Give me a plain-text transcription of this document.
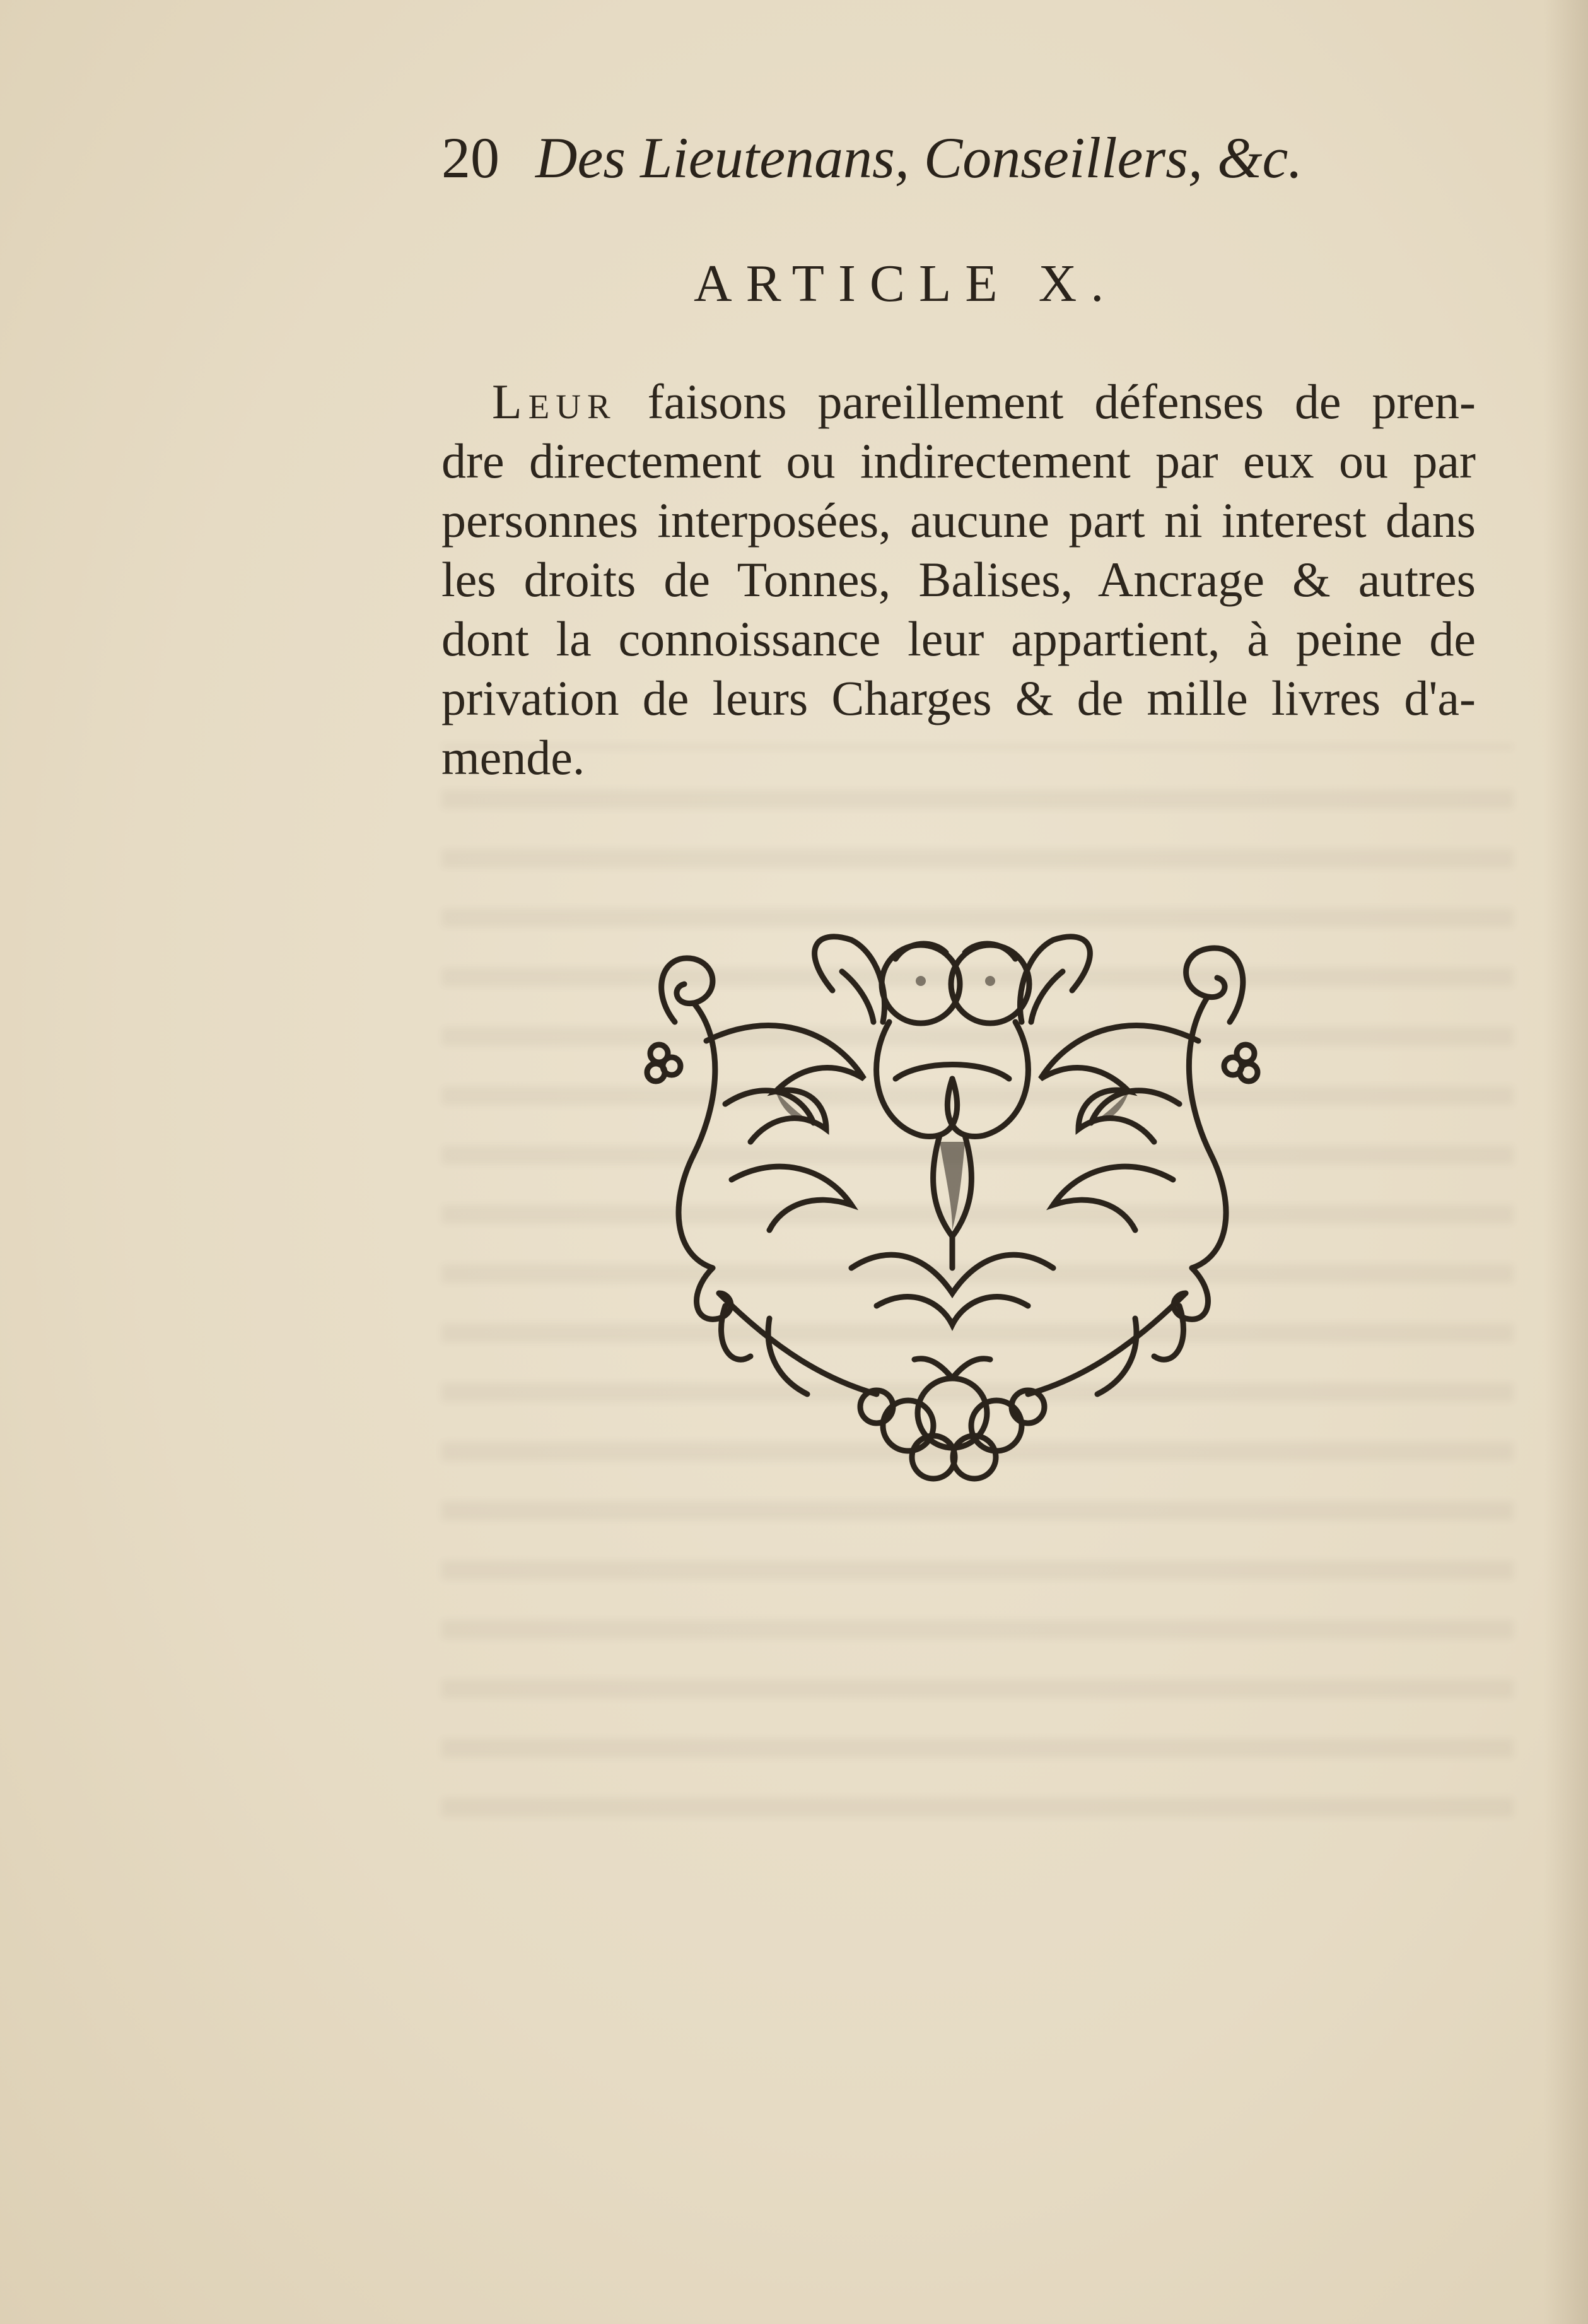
20 Des Lieutenans, Conseillers, &c.
ARTICLE X.
Leur faisons pareillement défenses de pren-
dre directement ou indirectement par eux ou par
personnes interposées, aucune part ni interest dans
les droits de Tonnes, Balises, Ancrage & autres
dont la connoissance leur appartient, à peine de
privation de leurs Charges & de mille livres d'a-
mende.
